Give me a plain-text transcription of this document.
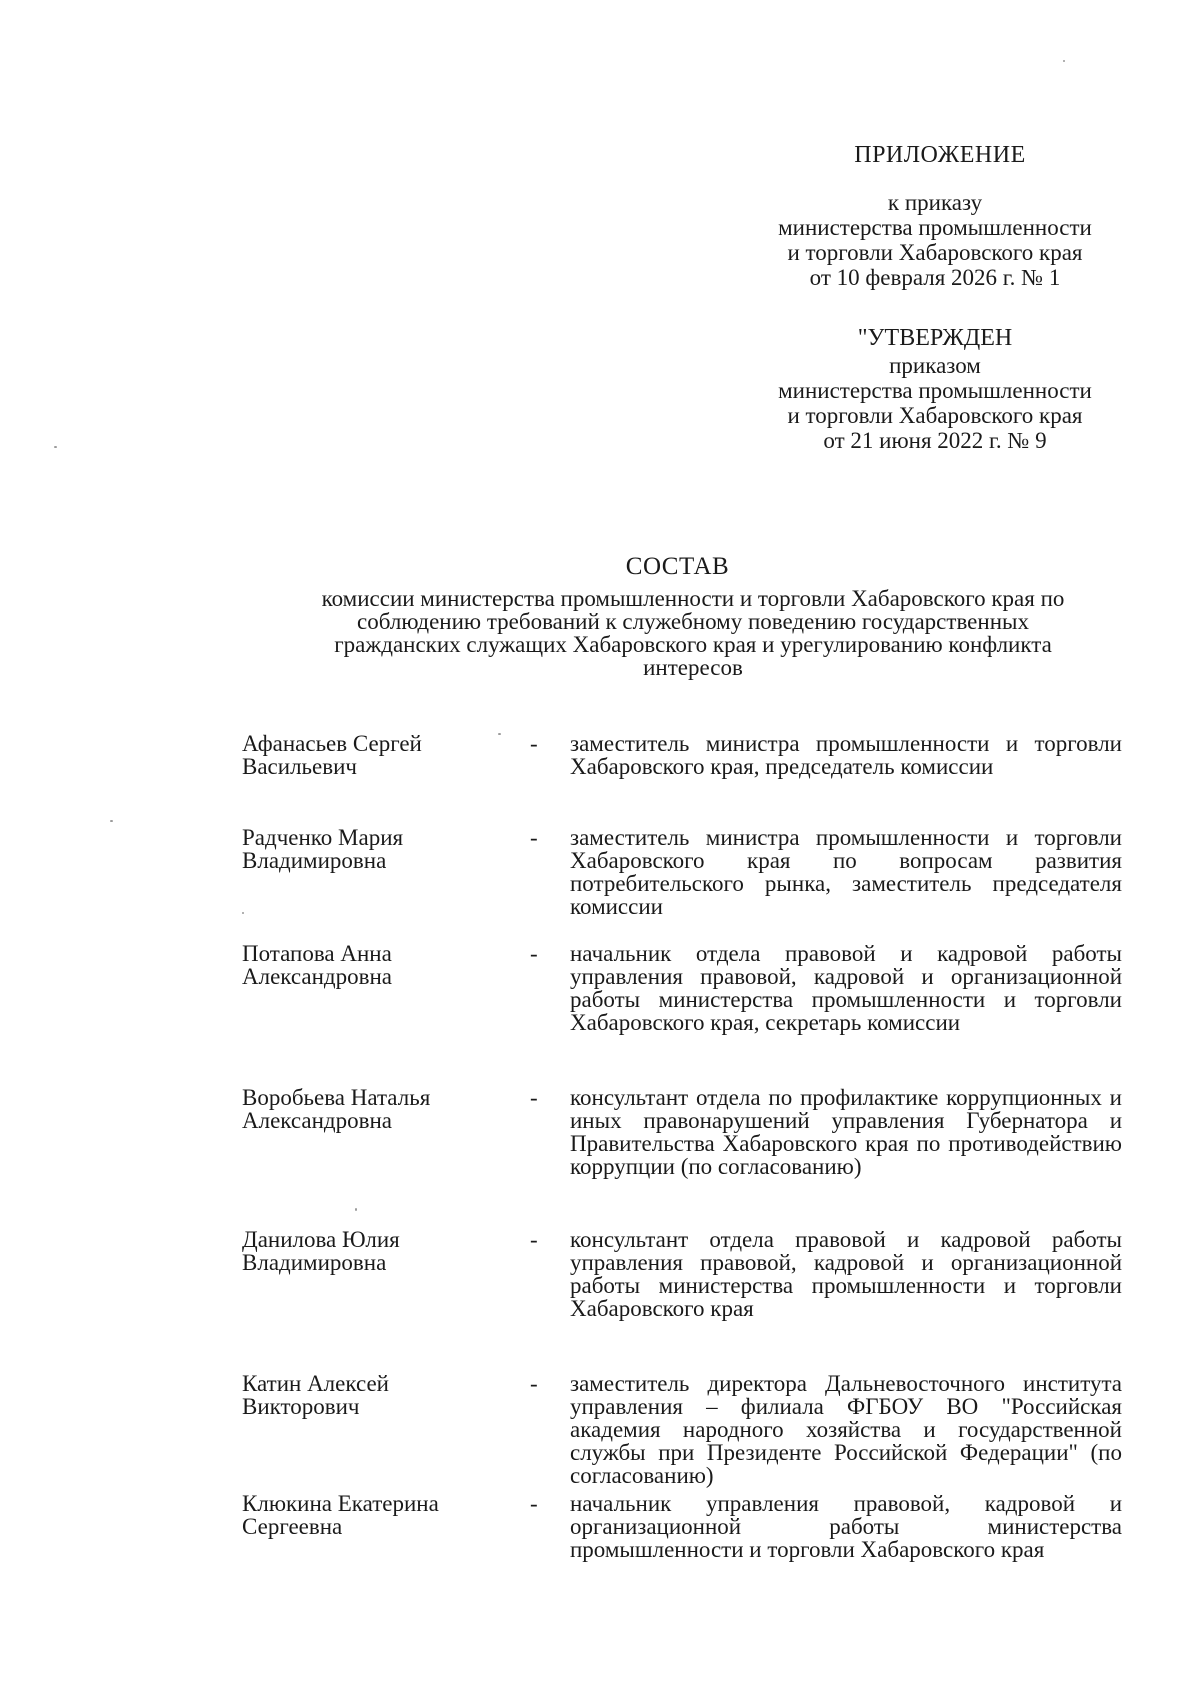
ПРИЛОЖЕНИЕ
к приказу
министерства промышленности
и торговли Хабаровского края
от 10 февраля 2026 г. № 1
"УТВЕРЖДЕН
приказом
министерства промышленности
и торговли Хабаровского края
от 21 июня 2022 г. № 9
СОСТАВ
комиссии министерства промышленности и торговли Хабаровского края по
соблюдению требований к служебному поведению государственных
гражданских служащих Хабаровского края и урегулированию конфликта
интересов
Афанасьев Сергей
Васильевич
- заместитель министра промышленности и торговли Хабаровского края, председатель комиссии
Радченко Мария
Владимировна
- заместитель министра промышленности и торговли Хабаровского края по вопросам развития потребительского рынка, заместитель председателя комиссии
Потапова Анна
Александровна
- начальник отдела правовой и кадровой работы управления правовой, кадровой и организационной работы министерства промышленности и торговли Хабаровского края, секретарь комиссии
Воробьева Наталья
Александровна
- консультант отдела по профилактике коррупционных и иных правонарушений управления Губернатора и Правительства Хабаровского края по противодействию коррупции (по согласованию)
Данилова Юлия
Владимировна
- консультант отдела правовой и кадровой работы управления правовой, кадровой и организационной работы министерства промышленности и торговли Хабаровского края
Катин Алексей
Викторович
- заместитель директора Дальневосточного института управления – филиала ФГБОУ ВО "Российская академия народного хозяйства и государственной службы при Президенте Российской Федерации" (по согласованию)
Клюкина Екатерина
Сергеевна
- начальник управления правовой, кадровой и организационной работы министерства промышленности и торговли Хабаровского края
